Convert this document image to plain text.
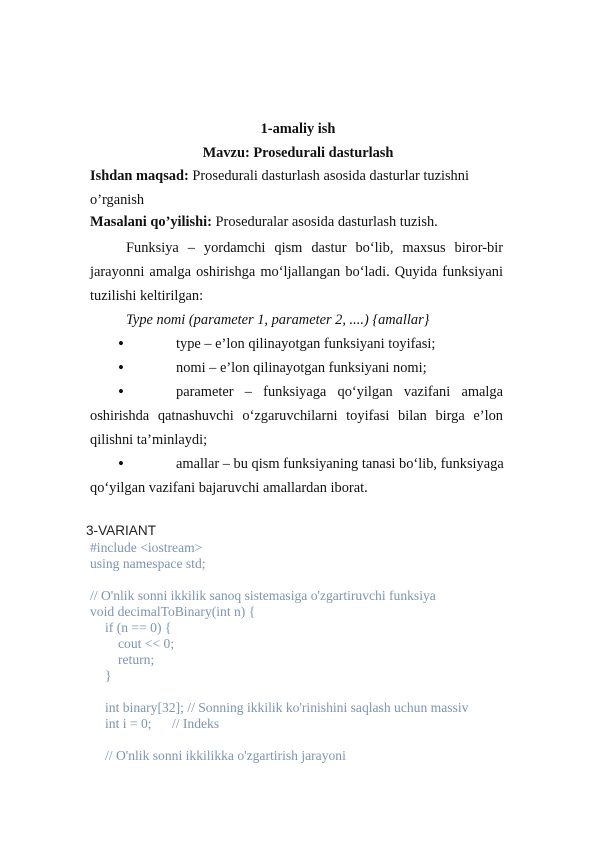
1-amaliy ish
Mavzu: Prosedurali dasturlash
Ishdan maqsad: Prosedurali dasturlash asosida dasturlar tuzishni
o’rganish
Masalani qo’yilishi: Proseduralar asosida dasturlash tuzish.
Funksiya – yordamchi qism dastur bo‘lib, maxsus biror-bir
jarayonni amalga oshirishga mo‘ljallangan bo‘ladi. Quyida funksiyani
tuzilishi keltirilgan:
Type nomi (parameter 1, parameter 2, ....) {amallar}
•	type – e’lon qilinayotgan funksiyani toyifasi;
•	nomi – e’lon qilinayotgan funksiyani nomi;
•	parameter – funksiyaga qo‘yilgan vazifani amalga
oshirishda qatnashuvchi o‘zgaruvchilarni toyifasi bilan birga e’lon
qilishni ta’minlaydi;
•	amallar – bu qism funksiyaning tanasi bo‘lib, funksiyaga
qo‘yilgan vazifani bajaruvchi amallardan iborat.
3-VARIANT
#include <iostream>
using namespace std;
// O'nlik sonni ikkilik sanoq sistemasiga o'zgartiruvchi funksiya
void decimalToBinary(int n) {
if (n == 0) {
cout << 0;
return;
}
int binary[32]; // Sonning ikkilik ko'rinishini saqlash uchun massiv
int i = 0;      // Indeks
// O'nlik sonni ikkilikka o'zgartirish jarayoni
